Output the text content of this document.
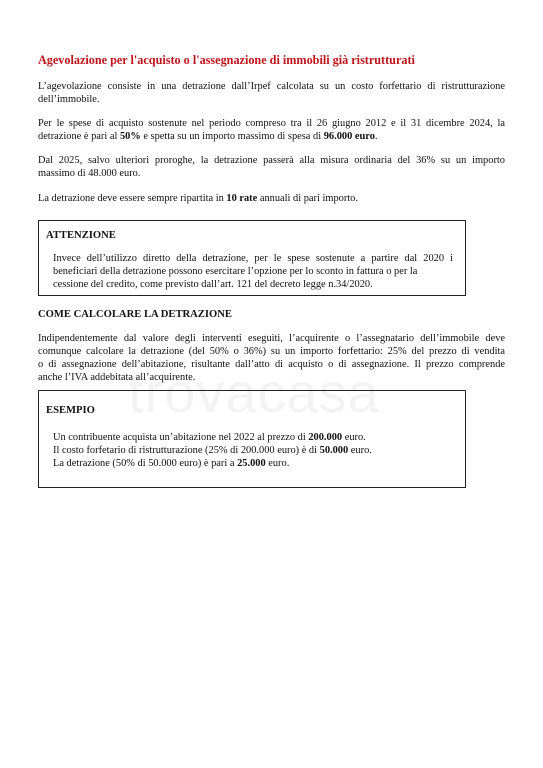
Agevolazione per l'acquisto o l'assegnazione di immobili già ristrutturati
L’agevolazione consiste in una detrazione dall’Irpef calcolata su un costo forfettario di ristrutturazione
dell’immobile.
Per le spese di acquisto sostenute nel periodo compreso tra il 26 giugno 2012 e il 31 dicembre 2024, la
detrazione è pari al 50% e spetta su un importo massimo di spesa di 96.000 euro.
Dal 2025, salvo ulteriori proroghe, la detrazione passerà alla misura ordinaria del 36% su un importo
massimo di 48.000 euro.
La detrazione deve essere sempre ripartita in 10 rate annuali di pari importo.
ATTENZIONE
Invece dell’utilizzo diretto della detrazione, per le spese sostenute a partire dal 2020 i beneficiari della detrazione possono esercitare l’opzione per lo sconto in fattura o per la
cessione del credito, come previsto dall’art. 121 del decreto legge n.34/2020.
COME CALCOLARE LA DETRAZIONE
Indipendentemente dal valore degli interventi eseguiti, l’acquirente o l’assegnatario dell’immobile deve
comunque calcolare la detrazione (del 50% o 36%) su un importo forfettario: 25% del prezzo di vendita
o di assegnazione dell’abitazione, risultante dall’atto di acquisto o di assegnazione. Il prezzo comprende
anche l’IVA addebitata all’acquirente.
ESEMPIO
Un contribuente acquista un’abitazione nel 2022 al prezzo di 200.000 euro.
Il costo forfetario di ristrutturazione (25% di 200.000 euro) è di 50.000 euro.
La detrazione (50% di 50.000 euro) è pari a 25.000 euro.
